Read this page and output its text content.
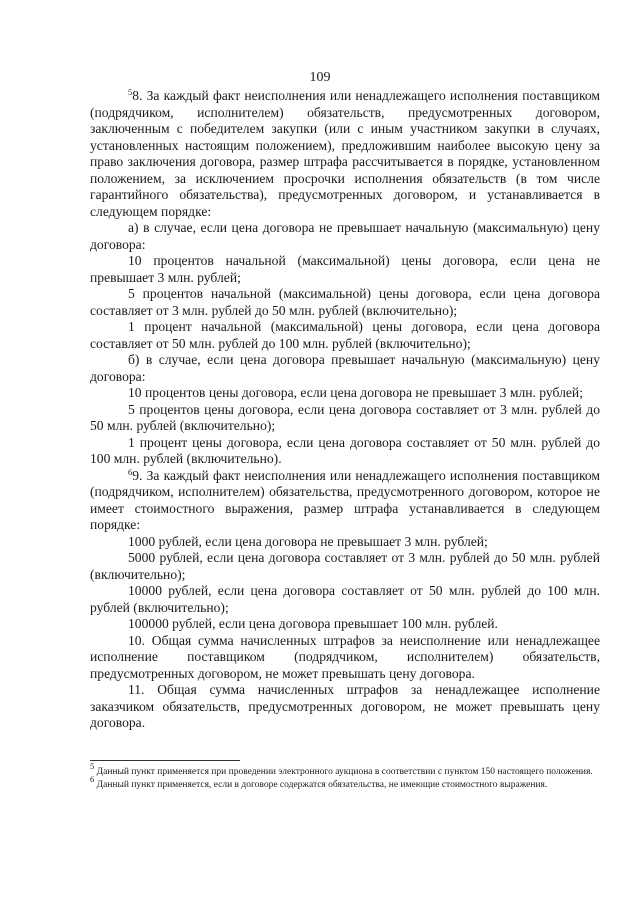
109

$^5$8. За каждый факт неисполнения или ненадлежащего исполнения поставщиком (подрядчиком, исполнителем) обязательств, предусмотренных договором, заключенным с победителем закупки (или с иным участником закупки в случаях, установленных настоящим положением), предложившим наиболее высокую цену за право заключения договора, размер штрафа рассчитывается в порядке, установленном положением, за исключением просрочки исполнения обязательств (в том числе гарантийного обязательства), предусмотренных договором, и устанавливается в следующем порядке:

а) в случае, если цена договора не превышает начальную (максимальную) цену договора:

10 процентов начальной (максимальной) цены договора, если цена не превышает 3 млн. рублей;

5 процентов начальной (максимальной) цены договора, если цена договора составляет от 3 млн. рублей до 50 млн. рублей (включительно);

1 процент начальной (максимальной) цены договора, если цена договора составляет от 50 млн. рублей до 100 млн. рублей (включительно);

б) в случае, если цена договора превышает начальную (максимальную) цену договора:

10 процентов цены договора, если цена договора не превышает 3 млн. рублей;

5 процентов цены договора, если цена договора составляет от 3 млн. рублей до 50 млн. рублей (включительно);

1 процент цены договора, если цена договора составляет от 50 млн. рублей до 100 млн. рублей (включительно).

$^6$9. За каждый факт неисполнения или ненадлежащего исполнения поставщиком (подрядчиком, исполнителем) обязательства, предусмотренного договором, которое не имеет стоимостного выражения, размер штрафа устанавливается в следующем порядке:

1000 рублей, если цена договора не превышает 3 млн. рублей;

5000 рублей, если цена договора составляет от 3 млн. рублей до 50 млн. рублей (включительно);

10000 рублей, если цена договора составляет от 50 млн. рублей до 100 млн. рублей (включительно);

100000 рублей, если цена договора превышает 100 млн. рублей.

10. Общая сумма начисленных штрафов за неисполнение или ненадлежащее исполнение поставщиком (подрядчиком, исполнителем) обязательств, предусмотренных договором, не может превышать цену договора.

11. Общая сумма начисленных штрафов за ненадлежащее исполнение заказчиком обязательств, предусмотренных договором, не может превышать цену договора.

$^5$ Данный пункт применяется при проведении электронного аукциона в соответствии с пунктом 150 настоящего положения.

$^6$ Данный пункт применяется, если в договоре содержатся обязательства, не имеющие стоимостного выражения.
